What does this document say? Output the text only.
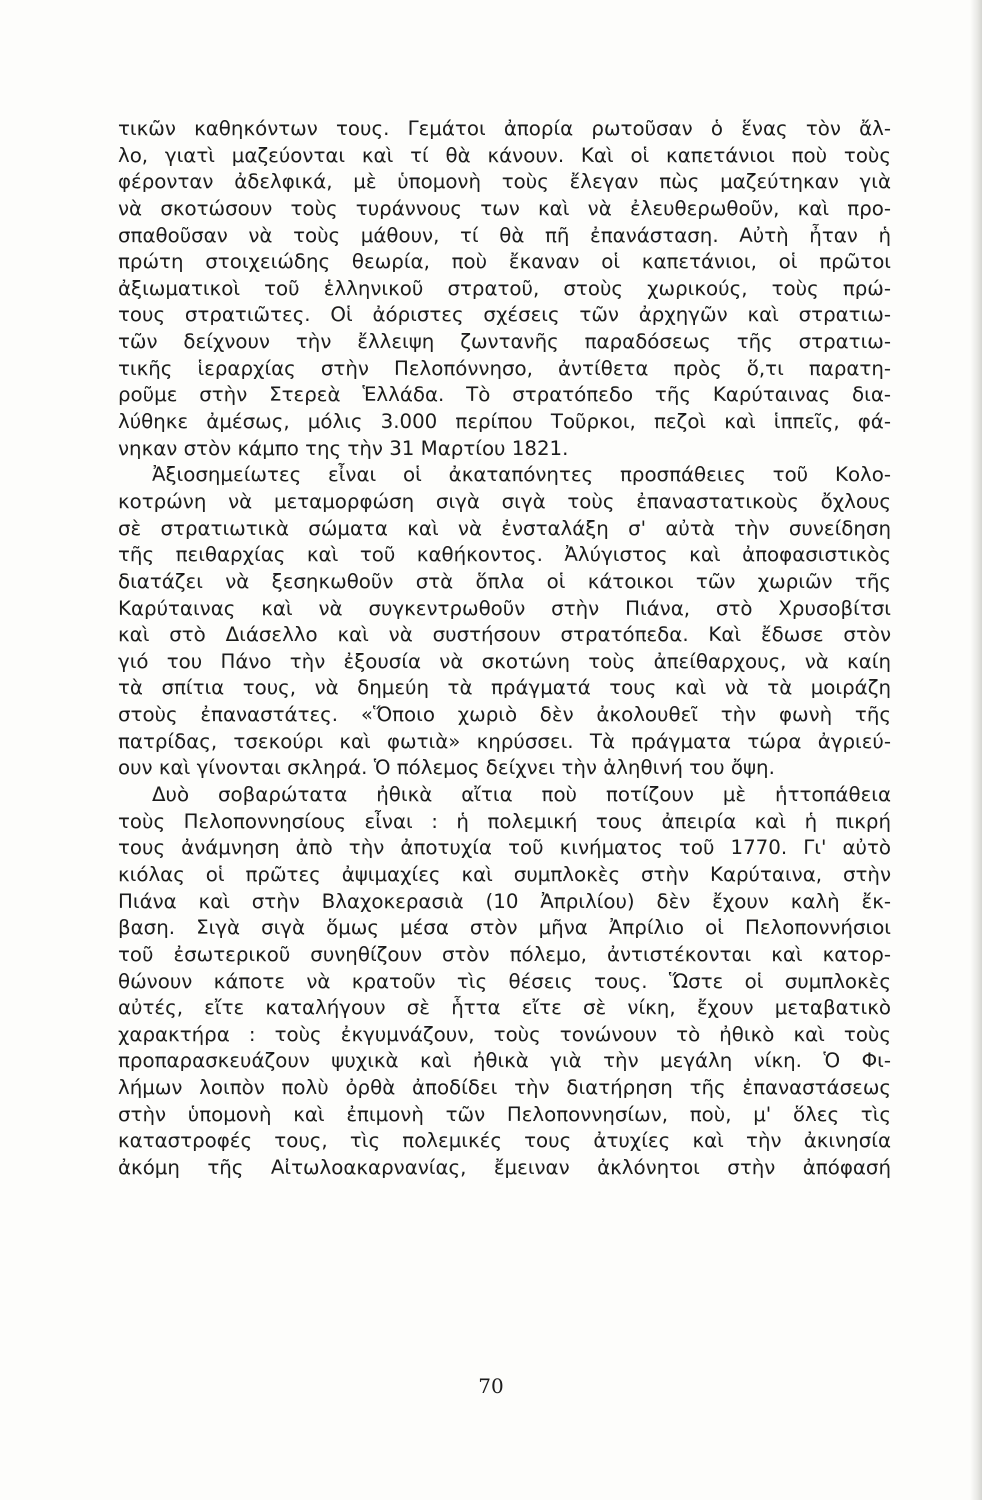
τικῶν καθηκόντων τους. Γεμάτοι ἀπορία ρωτοῦσαν ὁ ἕνας τὸν ἄλ-
λο, γιατὶ μαζεύονται καὶ τί θὰ κάνουν. Καὶ οἱ καπετάνιοι ποὺ τοὺς
φέρονταν ἀδελφικά, μὲ ὑπομονὴ τοὺς ἔλεγαν πὼς μαζεύτηκαν γιὰ
νὰ σκοτώσουν τοὺς τυράννους των καὶ νὰ ἐλευθερωθοῦν, καὶ προ-
σπαθοῦσαν νὰ τοὺς μάθουν, τί θὰ πῆ ἐπανάσταση. Αὐτὴ ἦταν ἡ
πρώτη στοιχειώδης θεωρία, ποὺ ἔκαναν οἱ καπετάνιοι, οἱ πρῶτοι
ἀξιωματικοὶ τοῦ ἑλληνικοῦ στρατοῦ, στοὺς χωρικούς, τοὺς πρώ-
τους στρατιῶτες. Οἱ ἀόριστες σχέσεις τῶν ἀρχηγῶν καὶ στρατιω-
τῶν δείχνουν τὴν ἔλλειψη ζωντανῆς παραδόσεως τῆς στρατιω-
τικῆς ἱεραρχίας στὴν Πελοπόννησο, ἀντίθετα πρὸς ὅ,τι παρατη-
ροῦμε στὴν Στερεὰ Ἑλλάδα. Τὸ στρατόπεδο τῆς Καρύταινας δια-
λύθηκε ἀμέσως, μόλις 3.000 περίπου Τοῦρκοι, πεζοὶ καὶ ἱππεῖς, φά-
νηκαν στὸν κάμπο της τὴν 31 Μαρτίου 1821.
Ἀξιοσημείωτες εἶναι οἱ ἀκαταπόνητες προσπάθειες τοῦ Κολο-
κοτρώνη νὰ μεταμορφώση σιγὰ σιγὰ τοὺς ἐπαναστατικοὺς ὄχλους
σὲ στρατιωτικὰ σώματα καὶ νὰ ἐνσταλάξη σ' αὐτὰ τὴν συνείδηση
τῆς πειθαρχίας καὶ τοῦ καθήκοντος. Ἀλύγιστος καὶ ἀποφασιστικὸς
διατάζει νὰ ξεσηκωθοῦν στὰ ὅπλα οἱ κάτοικοι τῶν χωριῶν τῆς
Καρύταινας καὶ νὰ συγκεντρωθοῦν στὴν Πιάνα, στὸ Χρυσοβίτσι
καὶ στὸ Διάσελλο καὶ νὰ συστήσουν στρατόπεδα. Καὶ ἔδωσε στὸν
γιό του Πάνο τὴν ἐξουσία νὰ σκοτώνη τοὺς ἀπείθαρχους, νὰ καίη
τὰ σπίτια τους, νὰ δημεύη τὰ πράγματά τους καὶ νὰ τὰ μοιράζη
στοὺς ἐπαναστάτες. «Ὅποιο χωριὸ δὲν ἀκολουθεῖ τὴν φωνὴ τῆς
πατρίδας, τσεκούρι καὶ φωτιὰ» κηρύσσει. Τὰ πράγματα τώρα ἀγριεύ-
ουν καὶ γίνονται σκληρά. Ὁ πόλεμος δείχνει τὴν ἀληθινή του ὄψη.
Δυὸ σοβαρώτατα ἠθικὰ αἴτια ποὺ ποτίζουν μὲ ἡττοπάθεια
τοὺς Πελοποννησίους εἶναι : ἡ πολεμική τους ἀπειρία καὶ ἡ πικρή
τους ἀνάμνηση ἀπὸ τὴν ἀποτυχία τοῦ κινήματος τοῦ 1770. Γι' αὐτὸ
κιόλας οἱ πρῶτες ἀψιμαχίες καὶ συμπλοκὲς στὴν Καρύταινα, στὴν
Πιάνα καὶ στὴν Βλαχοκερασιὰ (10 Ἀπριλίου) δὲν ἔχουν καλὴ ἔκ-
βαση. Σιγὰ σιγὰ ὅμως μέσα στὸν μῆνα Ἀπρίλιο οἱ Πελοποννήσιοι
τοῦ ἐσωτερικοῦ συνηθίζουν στὸν πόλεμο, ἀντιστέκονται καὶ κατορ-
θώνουν κάποτε νὰ κρατοῦν τὶς θέσεις τους. Ὥστε οἱ συμπλοκὲς
αὐτές, εἴτε καταλήγουν σὲ ἧττα εἴτε σὲ νίκη, ἔχουν μεταβατικὸ
χαρακτήρα : τοὺς ἐκγυμνάζουν, τοὺς τονώνουν τὸ ἠθικὸ καὶ τοὺς
προπαρασκευάζουν ψυχικὰ καὶ ἠθικὰ γιὰ τὴν μεγάλη νίκη. Ὁ Φι-
λήμων λοιπὸν πολὺ ὀρθὰ ἀποδίδει τὴν διατήρηση τῆς ἐπαναστάσεως
στὴν ὑπομονὴ καὶ ἐπιμονὴ τῶν Πελοποννησίων, ποὺ, μ' ὅλες τὶς
καταστροφές τους, τὶς πολεμικές τους ἀτυχίες καὶ τὴν ἀκινησία
ἀκόμη τῆς Αἰτωλοακαρνανίας, ἔμειναν ἀκλόνητοι στὴν ἀπόφασή
70
